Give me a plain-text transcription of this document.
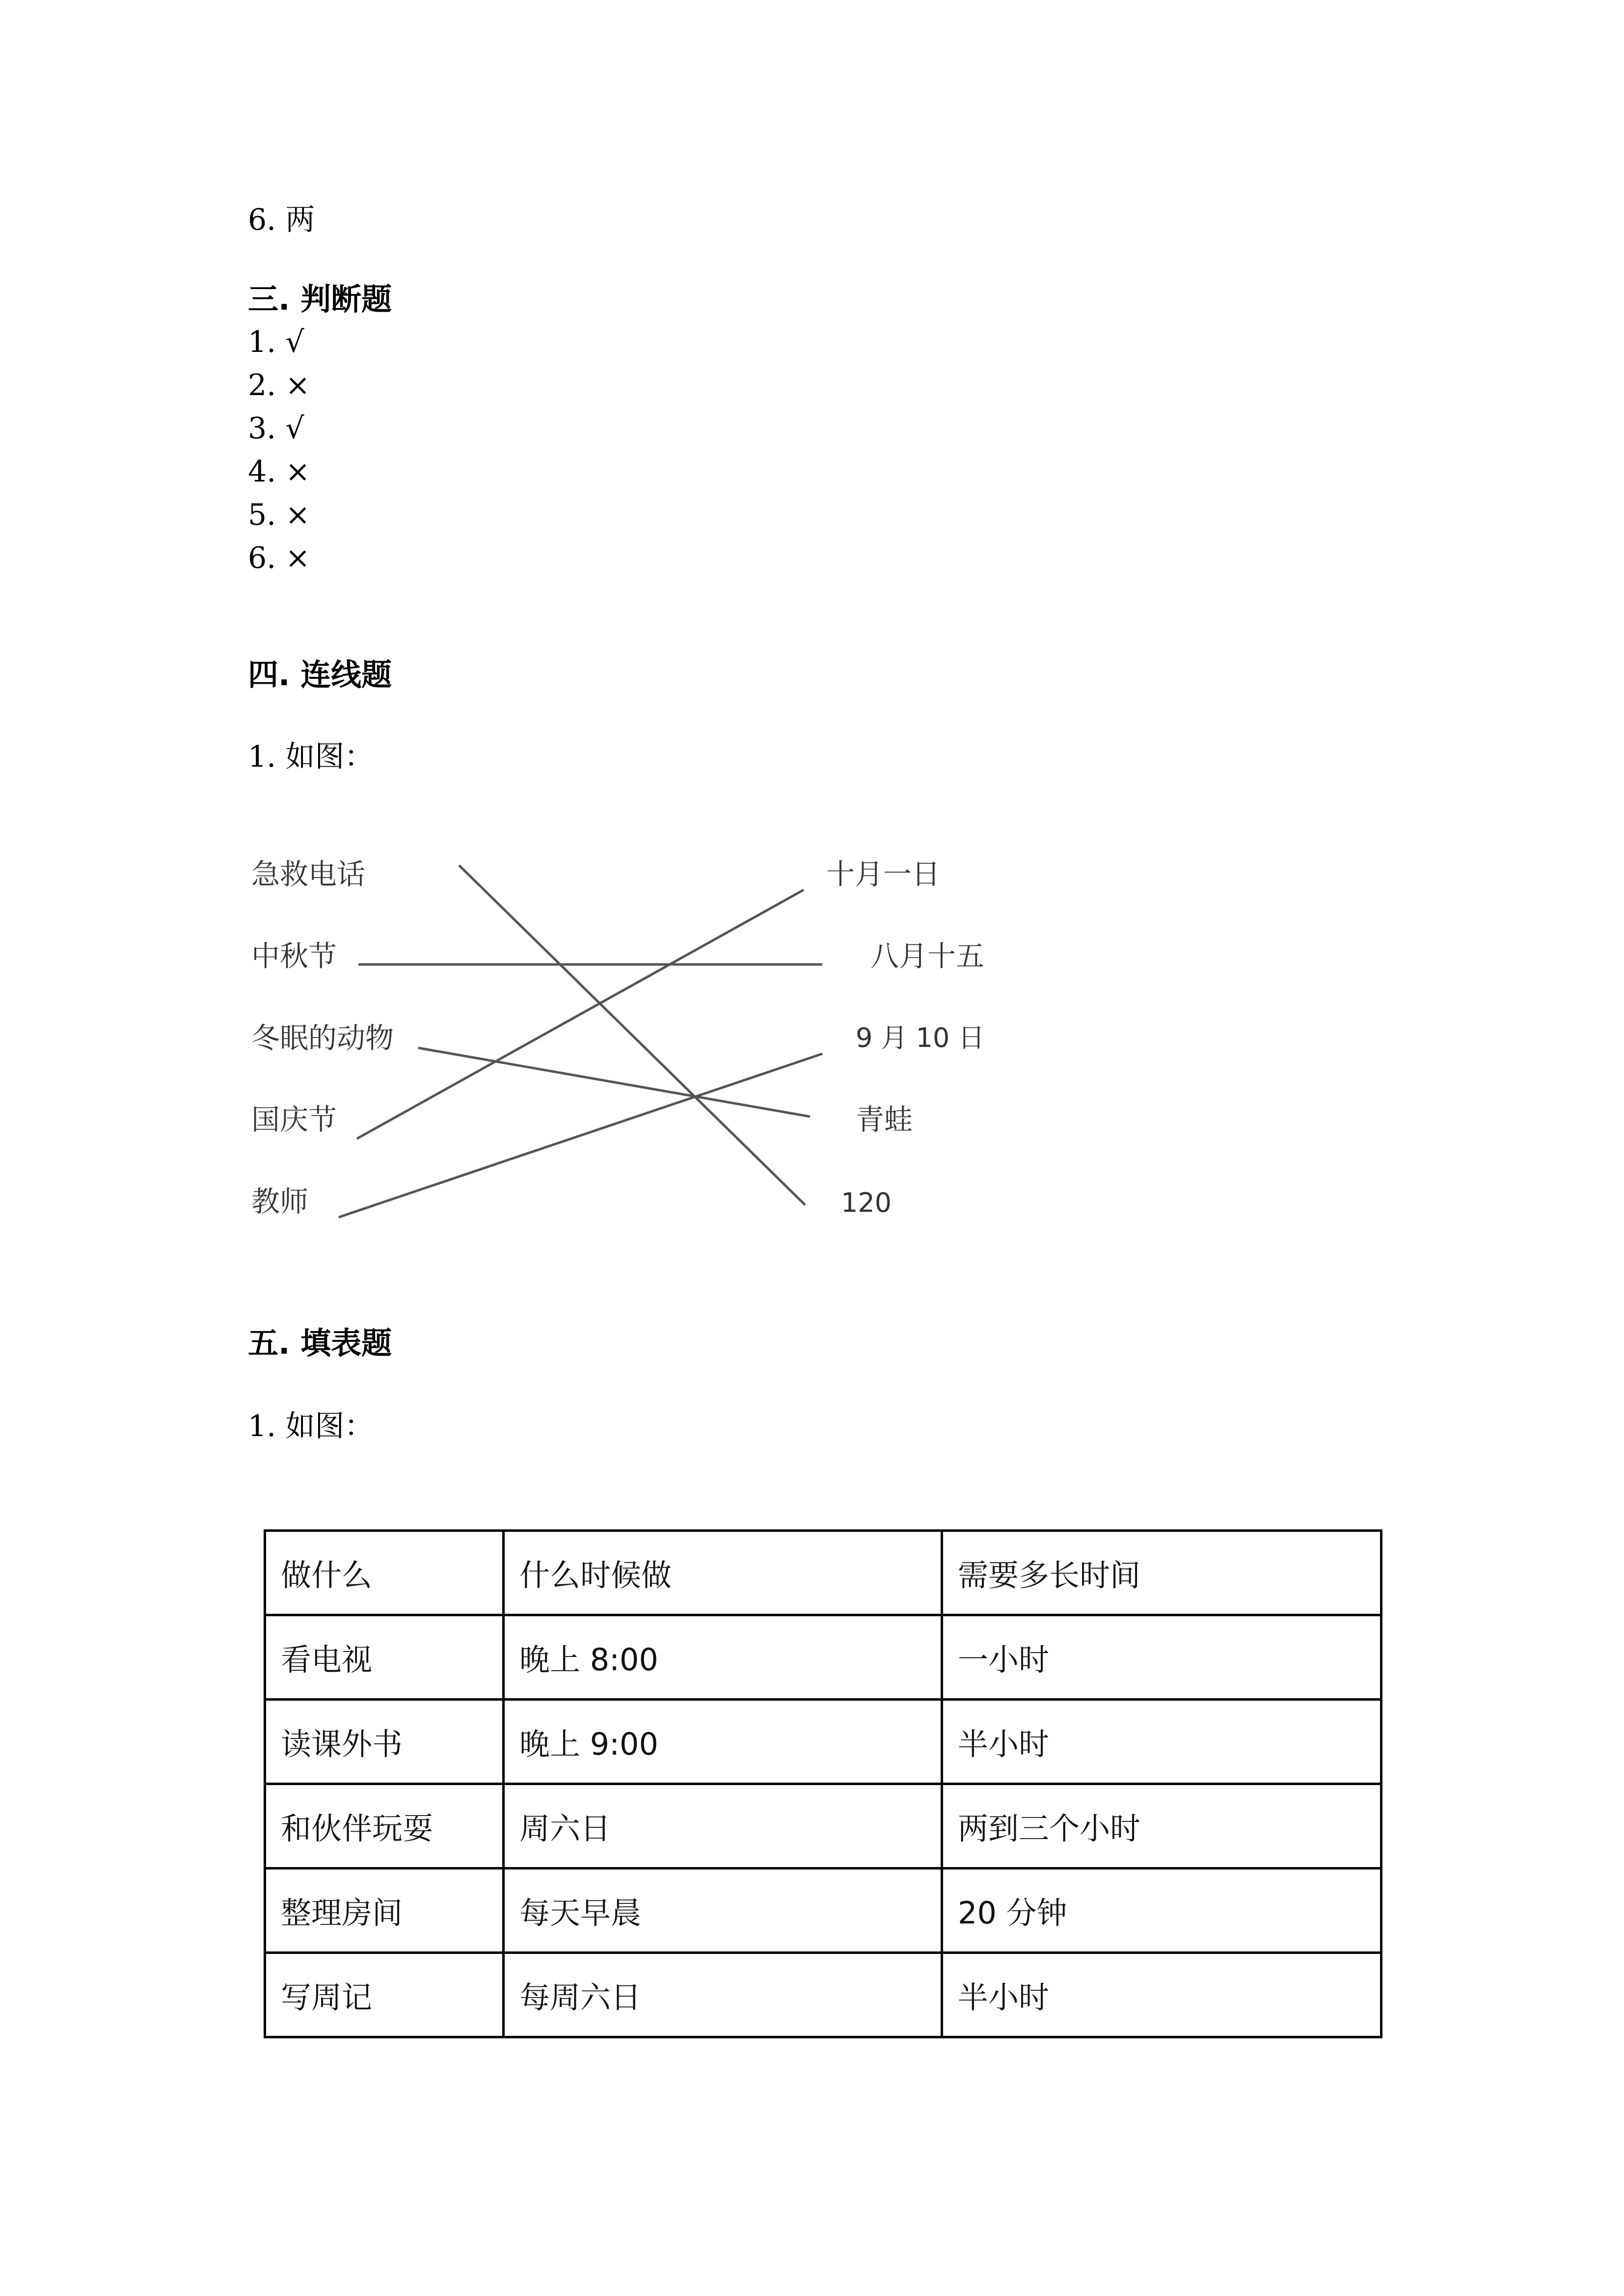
6. 两
三. 判断题
1. √
2. ×
3. √
4. ×
5. ×
6. ×
四. 连线题
1. 如图：
急救电话
中秋节
冬眠的动物
国庆节
教师
十月一日
八月十五
9 月 10 日
青蛙
120
五. 填表题
1. 如图：
做什么	什么时候做	需要多长时间
看电视	晚上 8:00	一小时
读课外书	晚上 9:00	半小时
和伙伴玩耍	周六日	两到三个小时
整理房间	每天早晨	20 分钟
写周记	每周六日	半小时
